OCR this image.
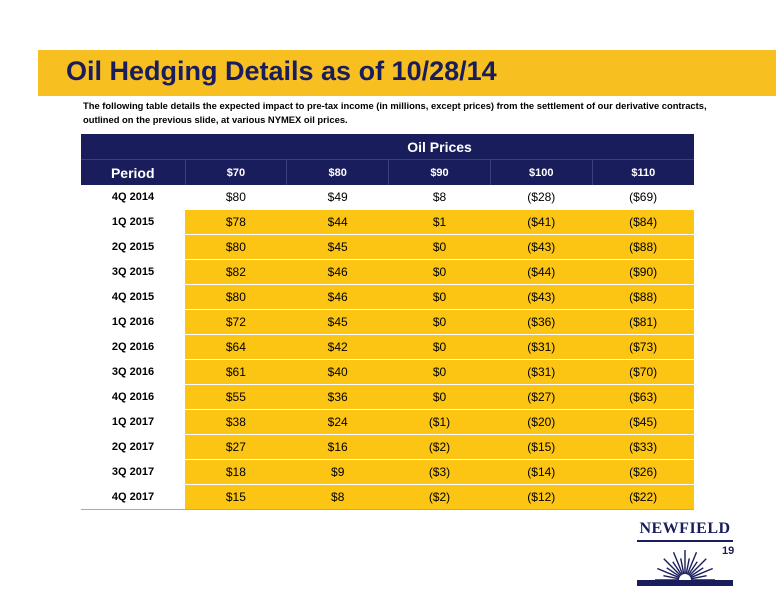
Oil Hedging Details as of 10/28/14
The following table details the expected impact to pre-tax income (in millions, except prices) from the settlement of our derivative contracts, outlined on the previous slide, at various NYMEX oil prices.
	Oil Prices				
Period	$70	$80	$90	$100	$110
4Q 2014	$80	$49	$8	($28)	($69)
1Q 2015	$78	$44	$1	($41)	($84)
2Q 2015	$80	$45	$0	($43)	($88)
3Q 2015	$82	$46	$0	($44)	($90)
4Q 2015	$80	$46	$0	($43)	($88)
1Q 2016	$72	$45	$0	($36)	($81)
2Q 2016	$64	$42	$0	($31)	($73)
3Q 2016	$61	$40	$0	($31)	($70)
4Q 2016	$55	$36	$0	($27)	($63)
1Q 2017	$38	$24	($1)	($20)	($45)
2Q 2017	$27	$16	($2)	($15)	($33)
3Q 2017	$18	$9	($3)	($14)	($26)
4Q 2017	$15	$8	($2)	($12)	($22)
NEWFIELD
19
